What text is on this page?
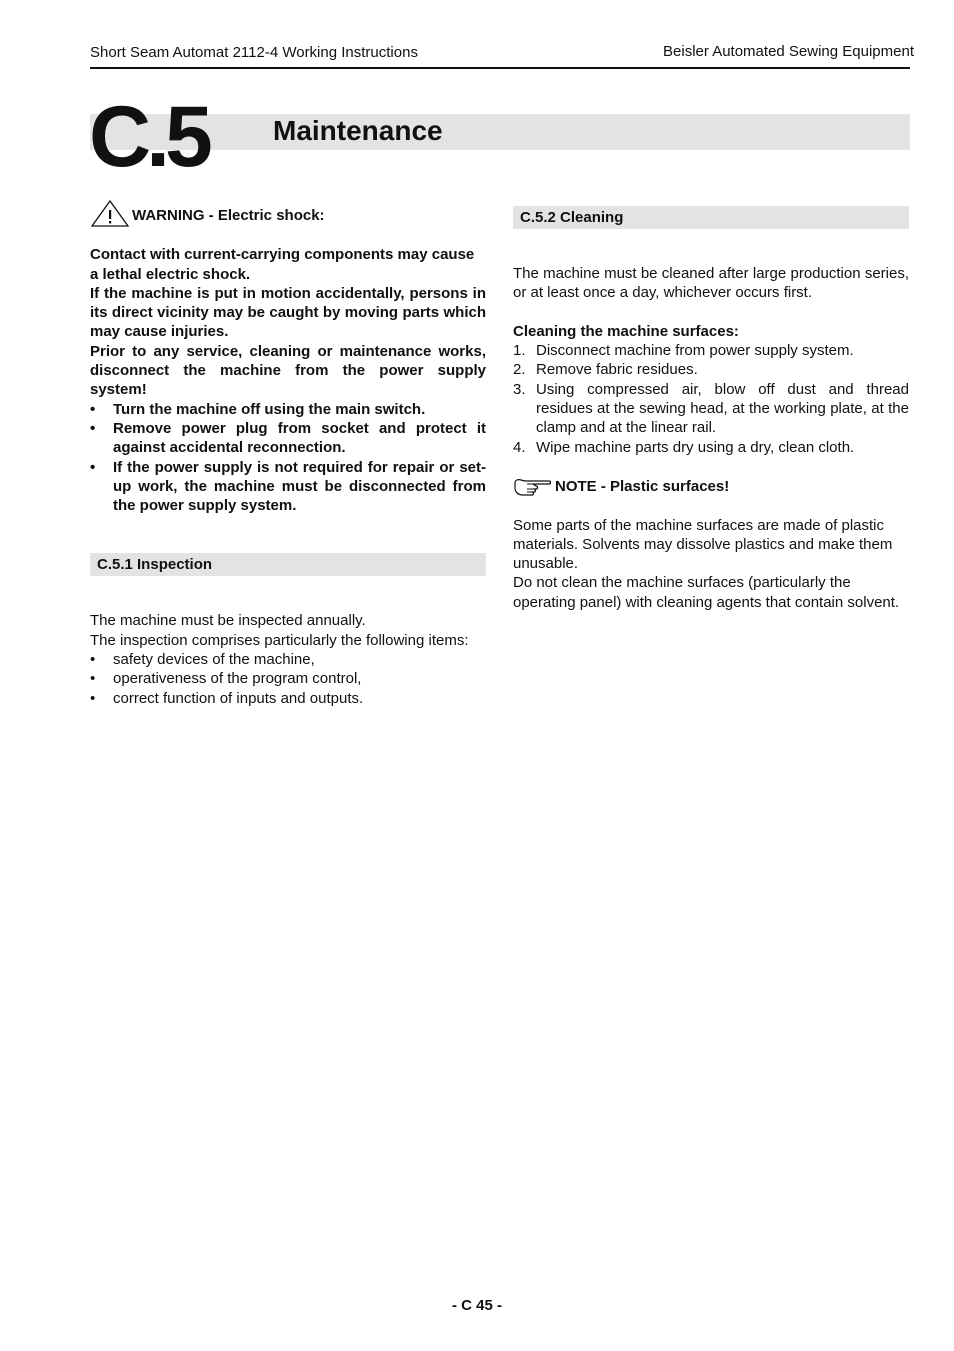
Short Seam Automat 2112-4 Working Instructions	Beisler Automated Sewing Equipment
C.5 Maintenance
WARNING - Electric shock:

Contact with current-carrying components may cause a lethal electric shock.

If the machine is put in motion accidentally, persons in its direct vicinity may be caught by moving parts which may cause injuries.

Prior to any service, cleaning or maintenance works, disconnect the machine from the power supply system!

• Turn the machine off using the main switch.
• Remove power plug from socket and protect it against accidental reconnection.
• If the power supply is not required for repair or set-up work, the machine must be disconnected from the power supply system.
C.5.1 Inspection

The machine must be inspected annually.

The inspection comprises particularly the following items:

• safety devices of the machine,
• operativeness of the program control,
• correct function of inputs and outputs.
C.5.2 Cleaning

The machine must be cleaned after large production series, or at least once a day, whichever occurs first.

Cleaning the machine surfaces:

1. Disconnect machine from power supply system.
2. Remove fabric residues.
3. Using compressed air, blow off dust and thread residues at the sewing head, at the working plate, at the clamp and at the linear rail.
4. Wipe machine parts dry using a dry, clean cloth.
NOTE - Plastic surfaces!

Some parts of the machine surfaces are made of plastic materials. Solvents may dissolve plastics and make them unusable.

Do not clean the machine surfaces (particularly the operating panel) with cleaning agents that contain solvent.

- C 45 -
